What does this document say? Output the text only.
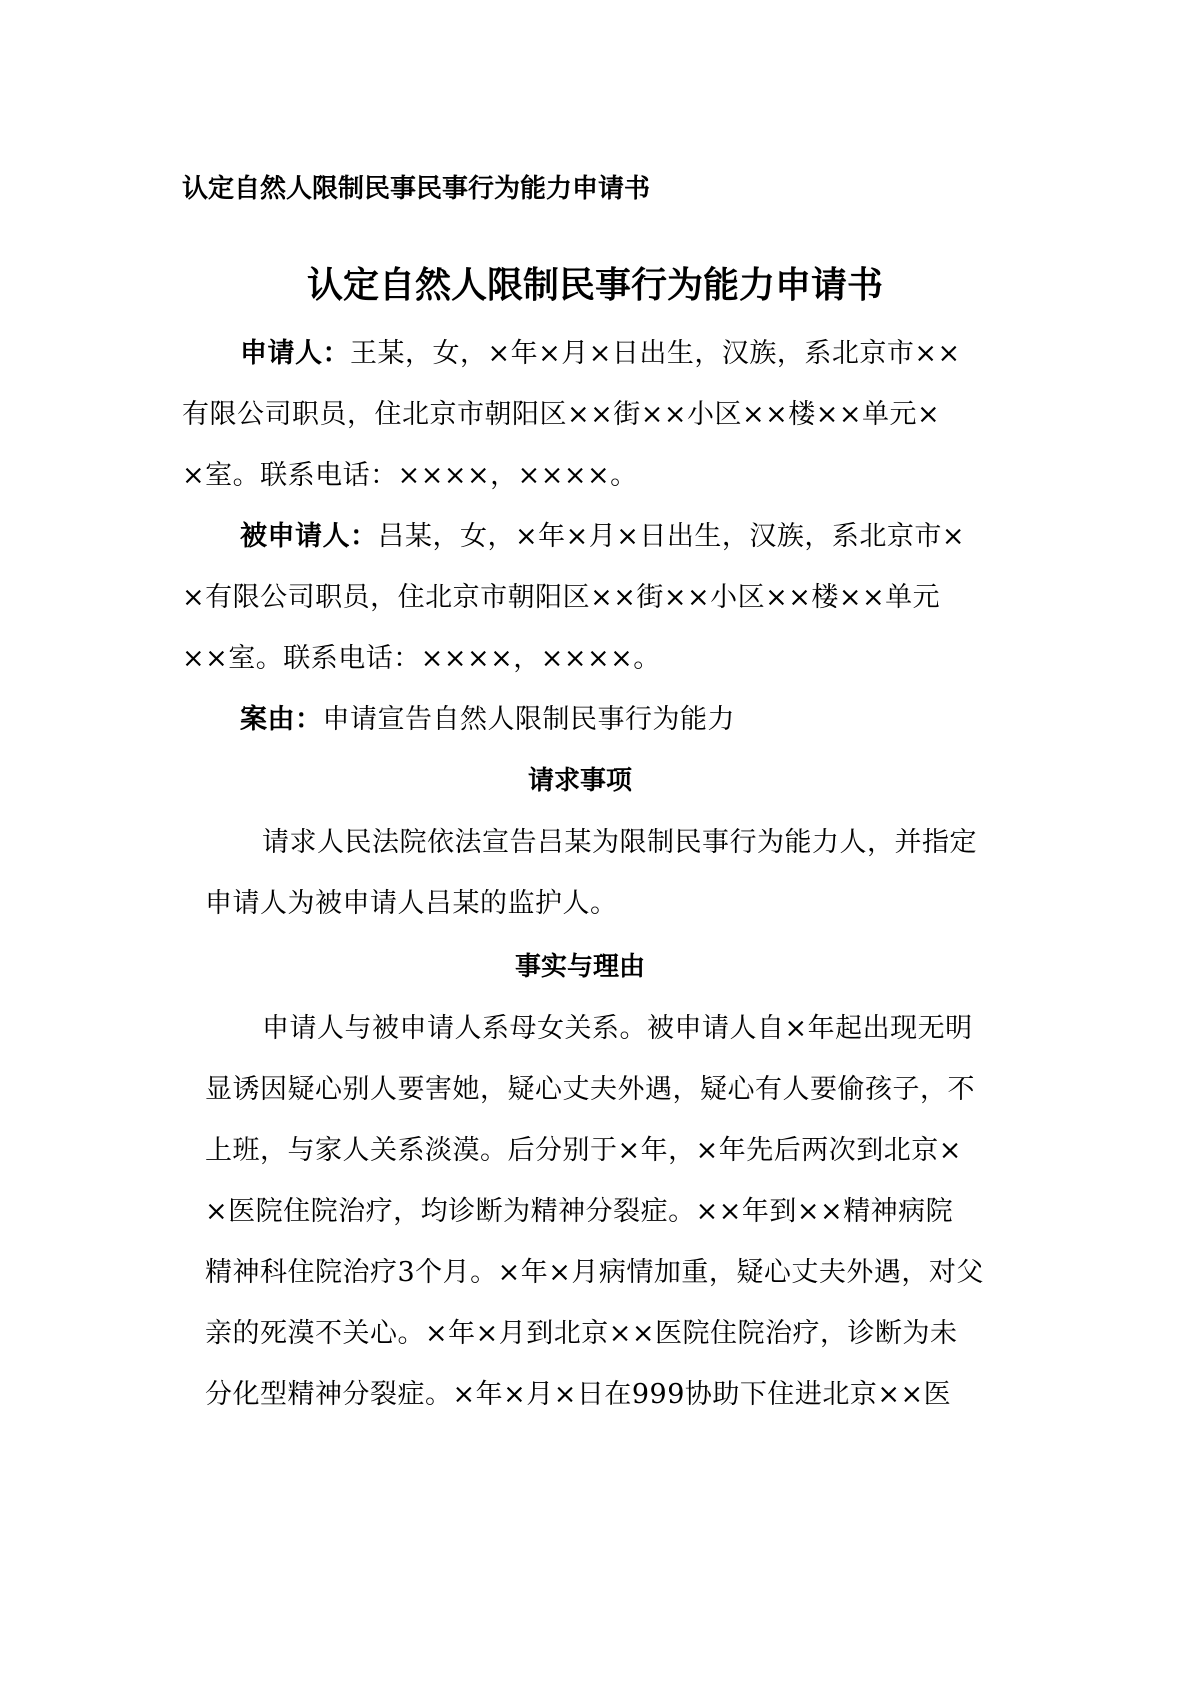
认定自然人限制民事民事行为能力申请书
认定自然人限制民事行为能力申请书
申请人：王某，女，×年×月×日出生，汉族，系北京市××
有限公司职员，住北京市朝阳区××街××小区××楼××单元×
×室。联系电话：××××，××××。
被申请人：吕某，女，×年×月×日出生，汉族，系北京市×
×有限公司职员，住北京市朝阳区××街××小区××楼××单元
××室。联系电话：××××，××××。
案由：申请宣告自然人限制民事行为能力
请求事项
请求人民法院依法宣告吕某为限制民事行为能力人，并指定
申请人为被申请人吕某的监护人。
事实与理由
申请人与被申请人系母女关系。被申请人自×年起出现无明
显诱因疑心别人要害她，疑心丈夫外遇，疑心有人要偷孩子，不
上班，与家人关系淡漠。后分别于×年，×年先后两次到北京×
×医院住院治疗，均诊断为精神分裂症。××年到××精神病院
精神科住院治疗3个月。×年×月病情加重，疑心丈夫外遇，对父
亲的死漠不关心。×年×月到北京××医院住院治疗，诊断为未
分化型精神分裂症。×年×月×日在999协助下住进北京××医
